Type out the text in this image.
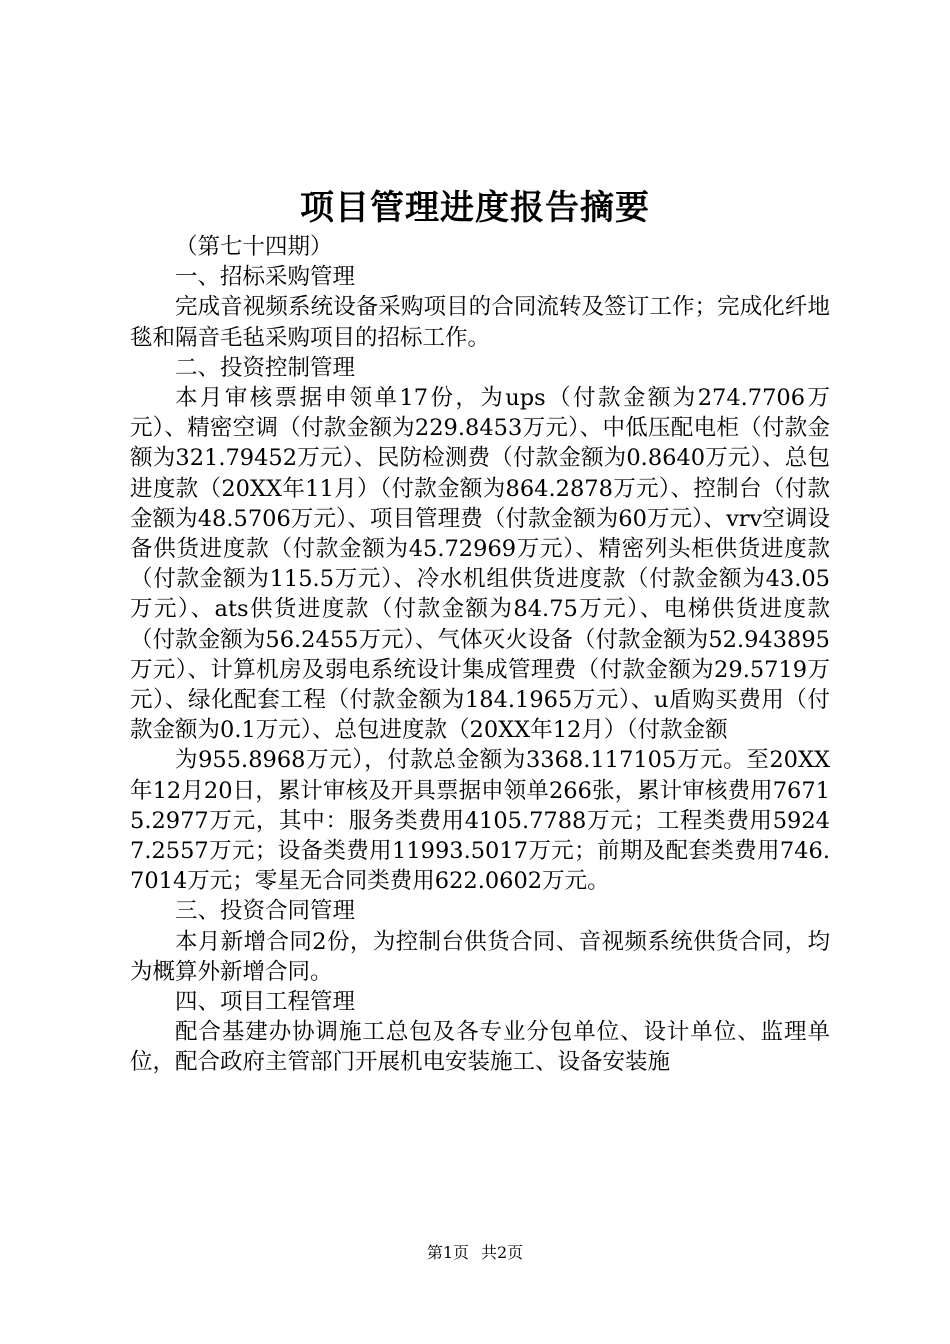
项目管理进度报告摘要

（第七十四期）

一、招标采购管理

完成音视频系统设备采购项目的合同流转及签订工作；完成化纤地毯和隔音毛毡采购项目的招标工作。

二、投资控制管理

本月审核票据申领单17份，为ups（付款金额为274.7706万元）、精密空调（付款金额为229.8453万元）、中低压配电柜（付款金额为321.79452万元）、民防检测费（付款金额为0.8640万元）、总包进度款（20XX年11月）（付款金额为864.2878万元）、控制台（付款金额为48.5706万元）、项目管理费（付款金额为60万元）、vrv空调设备供货进度款（付款金额为45.72969万元）、精密列头柜供货进度款（付款金额为115.5万元）、冷水机组供货进度款（付款金额为43.05万元）、ats供货进度款（付款金额为84.75万元）、电梯供货进度款（付款金额为56.2455万元）、气体灭火设备（付款金额为52.943895万元）、计算机房及弱电系统设计集成管理费（付款金额为29.5719万元）、绿化配套工程（付款金额为184.1965万元）、u盾购买费用（付款金额为0.1万元）、总包进度款（20XX年12月）（付款金额

为955.8968万元），付款总金额为3368.117105万元。至20XX年12月20日，累计审核及开具票据申领单266张，累计审核费用76715.2977万元，其中：服务类费用4105.7788万元；工程类费用59247.2557万元；设备类费用11993.5017万元；前期及配套类费用746.7014万元；零星无合同类费用622.0602万元。

三、投资合同管理

本月新增合同2份，为控制台供货合同、音视频系统供货合同，均为概算外新增合同。

四、项目工程管理

配合基建办协调施工总包及各专业分包单位、设计单位、监理单位，配合政府主管部门开展机电安装施工、设备安装施

第1页 共2页
